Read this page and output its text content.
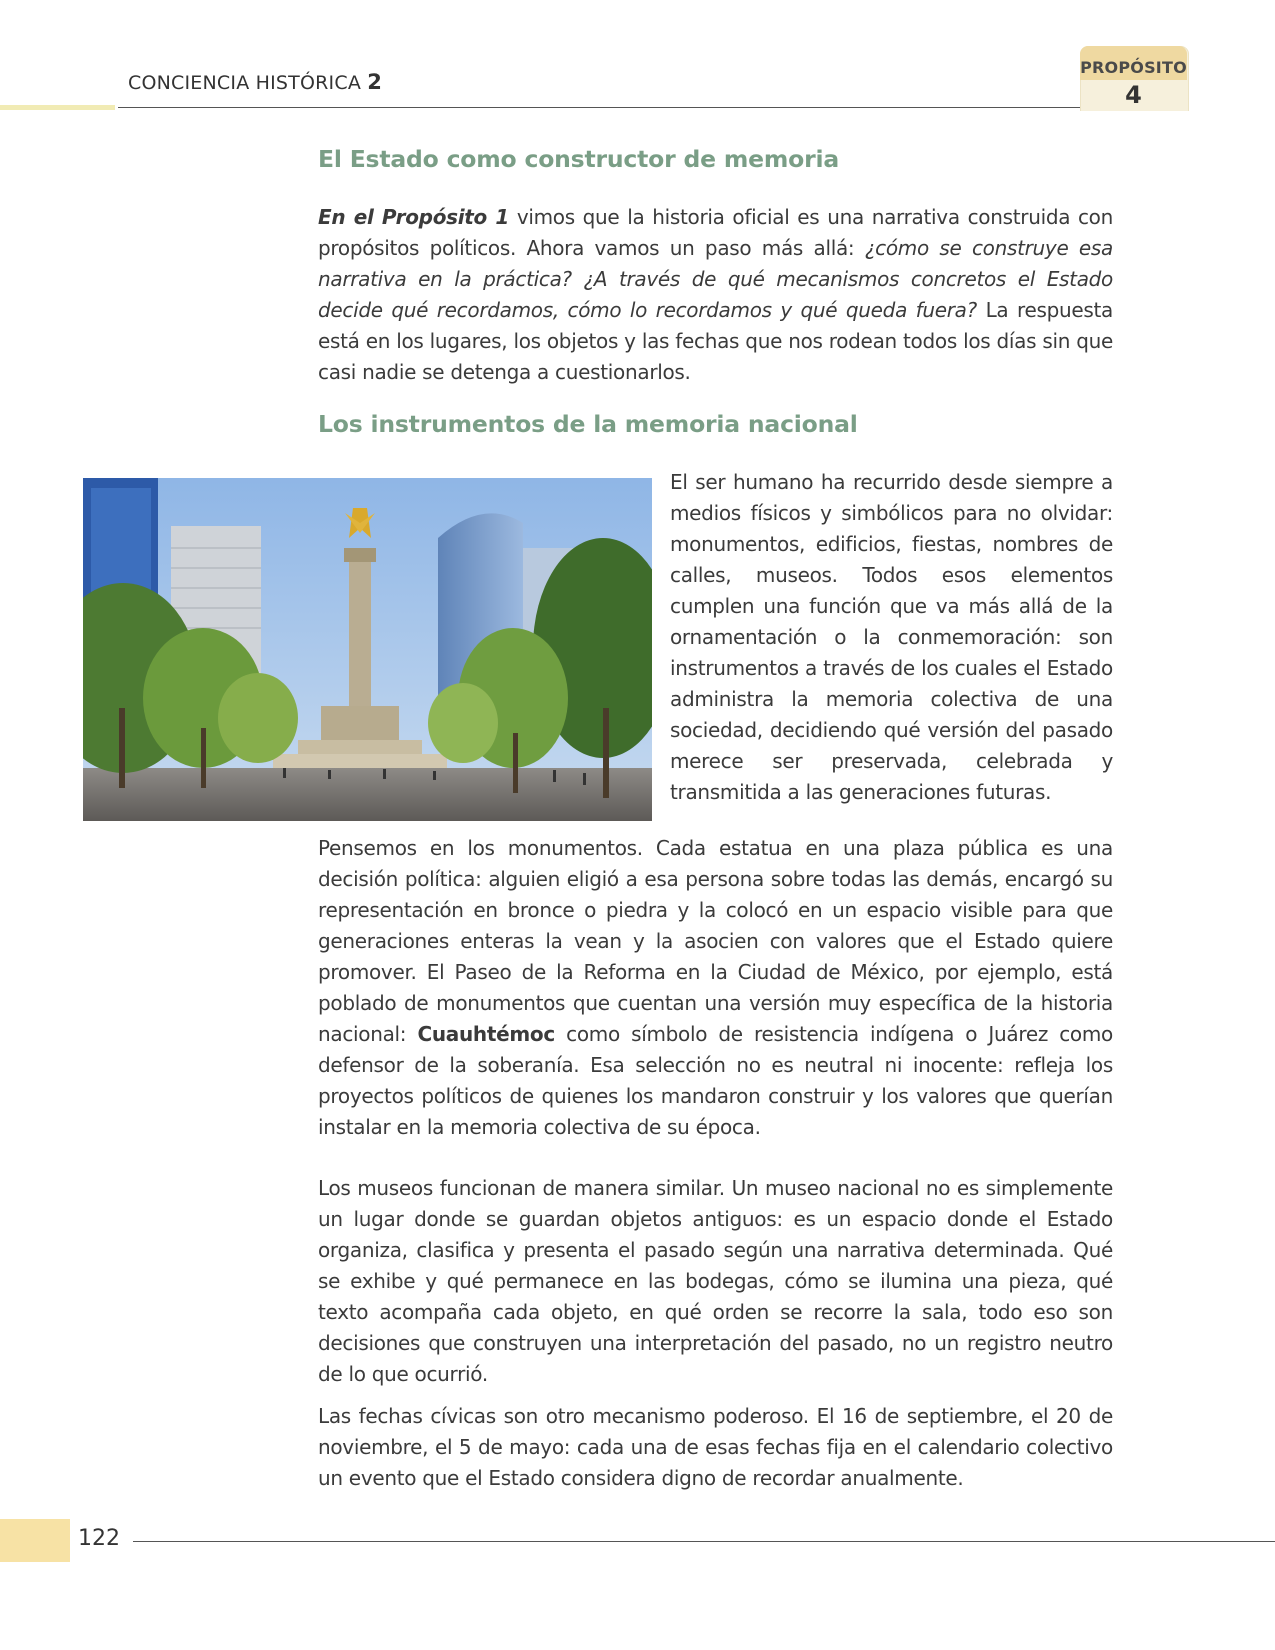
CONCIENCIA HISTÓRICA 2
PROPÓSITO
4
El Estado como constructor de memoria

En el Propósito 1 vimos que la historia oficial es una narrativa construida con propósitos políticos. Ahora vamos un paso más allá: ¿cómo se construye esa narrativa en la práctica? ¿A través de qué mecanismos concretos el Estado decide qué recordamos, cómo lo recordamos y qué queda fuera? La respuesta está en los lugares, los objetos y las fechas que nos rodean todos los días sin que casi nadie se detenga a cuestionarlos.

Los instrumentos de la memoria nacional

El ser humano ha recurrido desde siempre a medios físicos y simbólicos para no olvidar: monumentos, edificios, fiestas, nombres de calles, museos. Todos esos elementos cumplen una función que va más allá de la ornamentación o la conmemoración: son instrumentos a través de los cuales el Estado administra la memoria colectiva de una sociedad, decidiendo qué versión del pasado merece ser preservada, celebrada y transmitida a las generaciones futuras.

Pensemos en los monumentos. Cada estatua en una plaza pública es una decisión política: alguien eligió a esa persona sobre todas las demás, encargó su representación en bronce o piedra y la colocó en un espacio visible para que generaciones enteras la vean y la asocien con valores que el Estado quiere promover. El Paseo de la Reforma en la Ciudad de México, por ejemplo, está poblado de monumentos que cuentan una versión muy específica de la historia nacional: Cuauhtémoc como símbolo de resistencia indígena o Juárez como defensor de la soberanía. Esa selección no es neutral ni inocente: refleja los proyectos políticos de quienes los mandaron construir y los valores que querían instalar en la memoria colectiva de su época.

Los museos funcionan de manera similar. Un museo nacional no es simplemente un lugar donde se guardan objetos antiguos: es un espacio donde el Estado organiza, clasifica y presenta el pasado según una narrativa determinada. Qué se exhibe y qué permanece en las bodegas, cómo se ilumina una pieza, qué texto acompaña cada objeto, en qué orden se recorre la sala, todo eso son decisiones que construyen una interpretación del pasado, no un registro neutro de lo que ocurrió.

Las fechas cívicas son otro mecanismo poderoso. El 16 de septiembre, el 20 de noviembre, el 5 de mayo: cada una de esas fechas fija en el calendario colectivo un evento que el Estado considera digno de recordar anualmente.

122
